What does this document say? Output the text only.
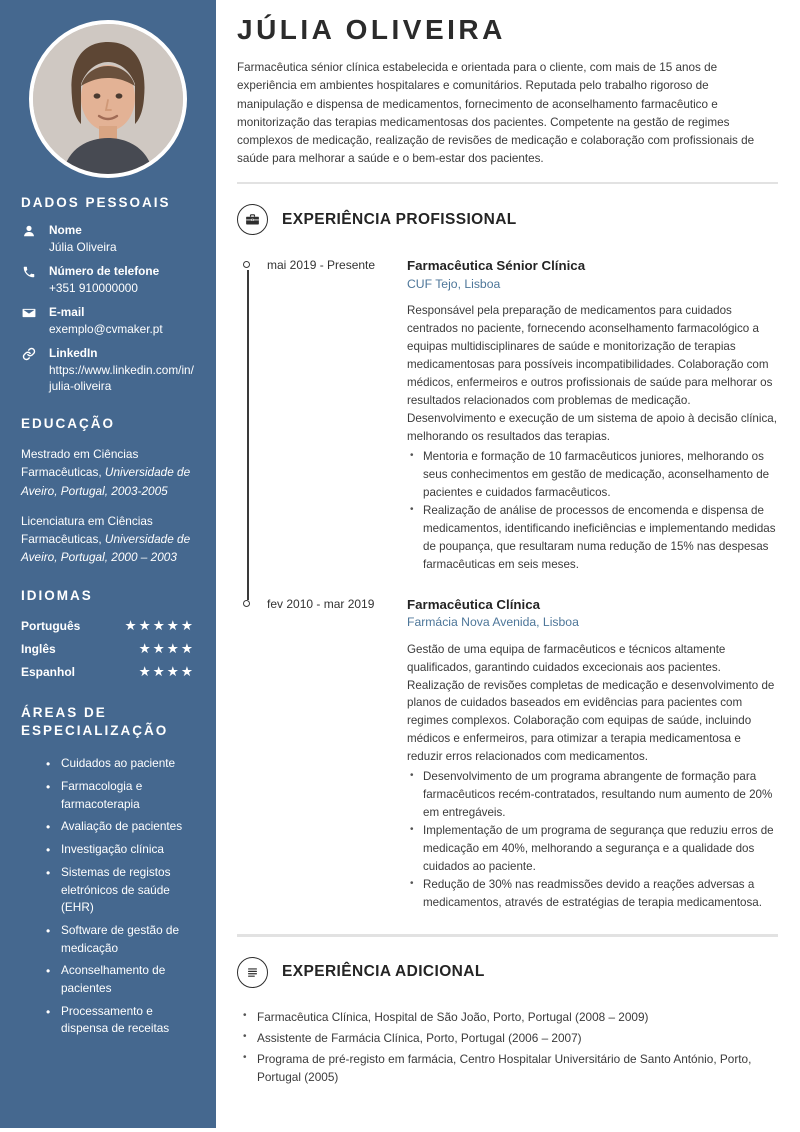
DADOS PESSOAIS
Nome
Júlia Oliveira
Número de telefone
+351 910000000
E-mail
exemplo@cvmaker.pt
LinkedIn
https://www.linkedin.com/in/julia-oliveira
EDUCAÇÃO
Mestrado em Ciências Farmacêuticas, Universidade de Aveiro, Portugal, 2003-2005
Licenciatura em Ciências Farmacêuticas, Universidade de Aveiro, Portugal, 2000 – 2003
IDIOMAS
Português	★★★★★
Inglês	★★★★
Espanhol	★★★★
ÁREAS DE ESPECIALIZAÇÃO
• Cuidados ao paciente
• Farmacologia e farmacoterapia
• Avaliação de pacientes
• Investigação clínica
• Sistemas de registos eletrónicos de saúde (EHR)
• Software de gestão de medicação
• Aconselhamento de pacientes
• Processamento e dispensa de receitas
JÚLIA OLIVEIRA

Farmacêutica sénior clínica estabelecida e orientada para o cliente, com mais de 15 anos de experiência em ambientes hospitalares e comunitários. Reputada pelo trabalho rigoroso de manipulação e dispensa de medicamentos, fornecimento de aconselhamento farmacêutico e monitorização das terapias medicamentosas dos pacientes. Competente na gestão de regimes complexos de medicação, realização de revisões de medicação e colaboração com profissionais de saúde para melhorar a saúde e o bem-estar dos pacientes.

EXPERIÊNCIA PROFISSIONAL
mai 2019 - Presente	Farmacêutica Sénior Clínica
CUF Tejo, Lisboa

Responsável pela preparação de medicamentos para cuidados centrados no paciente, fornecendo aconselhamento farmacológico a equipas multidisciplinares de saúde e monitorização de terapias medicamentosas para possíveis incompatibilidades. Colaboração com médicos, enfermeiros e outros profissionais de saúde para melhorar os resultados relacionados com problemas de medicação. Desenvolvimento e execução de um sistema de apoio à decisão clínica, melhorando os resultados das terapias.

• Mentoria e formação de 10 farmacêuticos juniores, melhorando os seus conhecimentos em gestão de medicação, aconselhamento de pacientes e cuidados farmacêuticos.
• Realização de análise de processos de encomenda e dispensa de medicamentos, identificando ineficiências e implementando medidas de poupança, que resultaram numa redução de 15% nas despesas farmacêuticas em seis meses.
fev 2010 - mar 2019	Farmacêutica Clínica
Farmácia Nova Avenida, Lisboa

Gestão de uma equipa de farmacêuticos e técnicos altamente qualificados, garantindo cuidados excecionais aos pacientes. Realização de revisões completas de medicação e desenvolvimento de planos de cuidados baseados em evidências para pacientes com regimes complexos. Colaboração com equipas de saúde, incluindo médicos e enfermeiros, para otimizar a terapia medicamentosa e reduzir erros relacionados com medicamentos.

• Desenvolvimento de um programa abrangente de formação para farmacêuticos recém-contratados, resultando num aumento de 20% em entregáveis.
• Implementação de um programa de segurança que reduziu erros de medicação em 40%, melhorando a segurança e a qualidade dos cuidados ao paciente.
• Redução de 30% nas readmissões devido a reações adversas a medicamentos, através de estratégias de terapia medicamentosa.
EXPERIÊNCIA ADICIONAL
• Farmacêutica Clínica, Hospital de São João, Porto, Portugal (2008 – 2009)
• Assistente de Farmácia Clínica, Porto, Portugal (2006 – 2007)
• Programa de pré-registo em farmácia, Centro Hospitalar Universitário de Santo António, Porto, Portugal (2005)
